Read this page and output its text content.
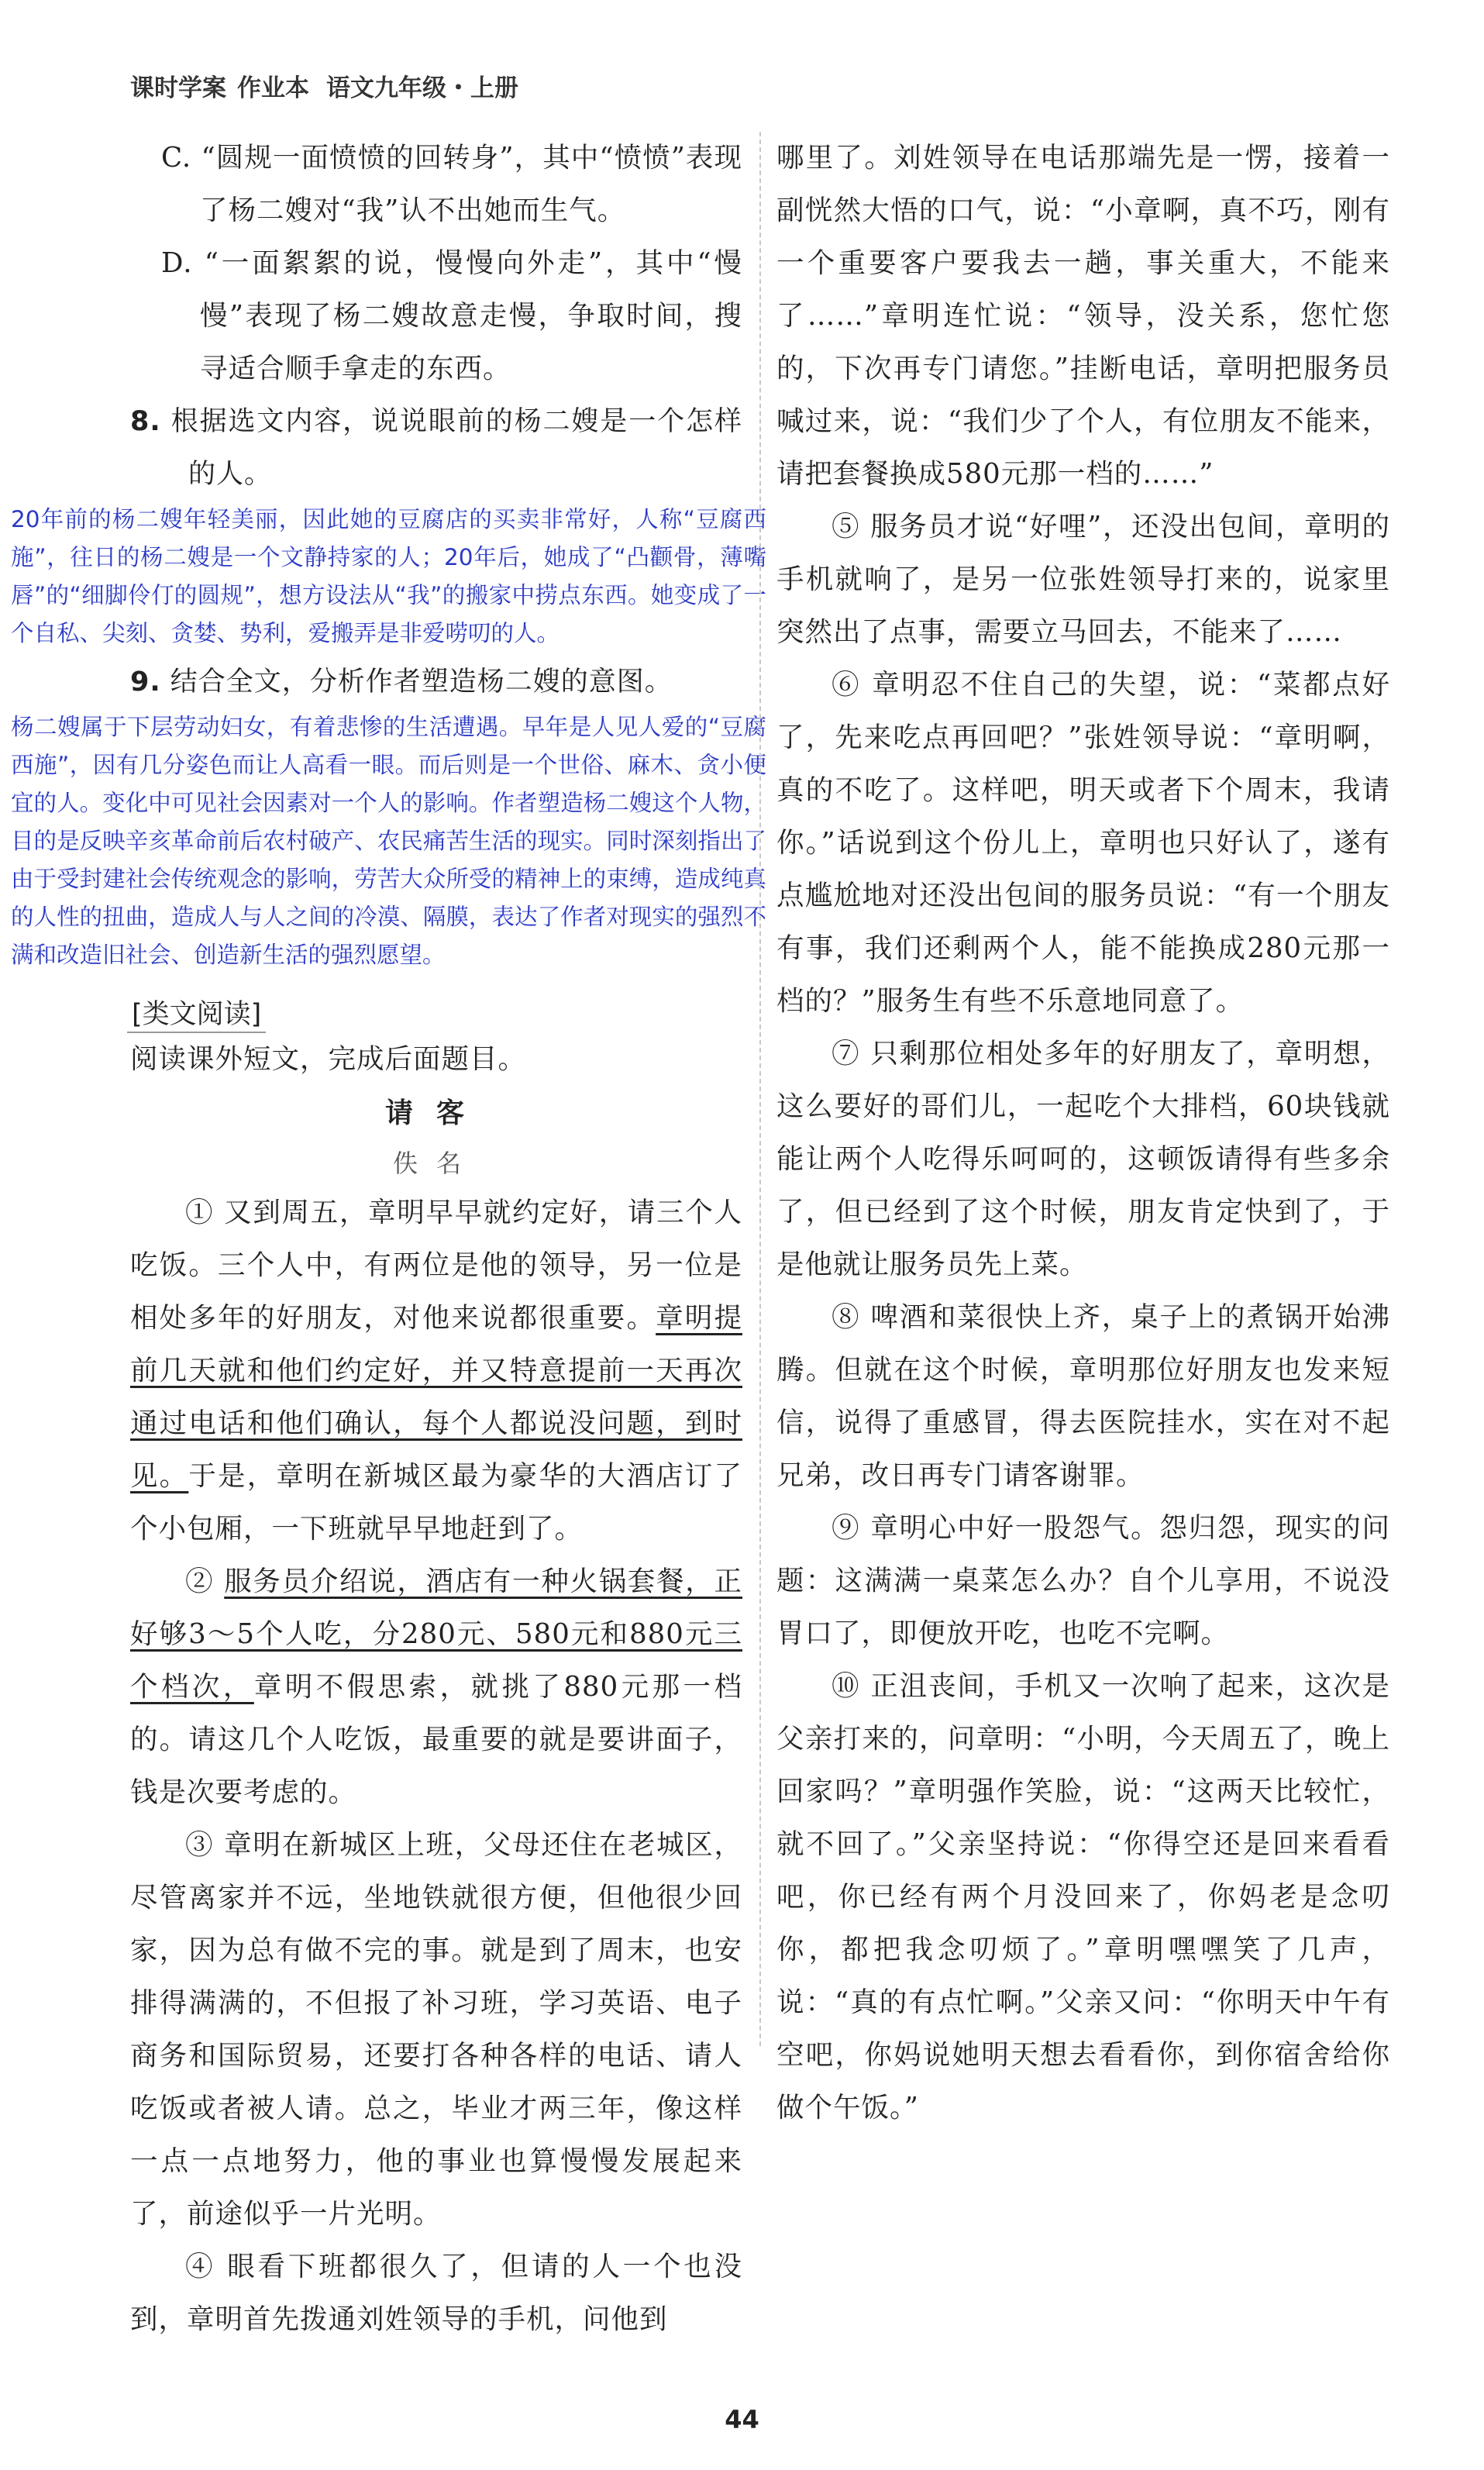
课时学案 作业本 语文九年级・上册

C. “圆规一面愤愤的回转身”，其中“愤愤”表现了杨二嫂对“我”认不出她而生气。

D. “一面絮絮的说，慢慢向外走”，其中“慢慢”表现了杨二嫂故意走慢，争取时间，搜寻适合顺手拿走的东西。

8. 根据选文内容，说说眼前的杨二嫂是一个怎样的人。

20年前的杨二嫂年轻美丽，因此她的豆腐店的买卖非常好，人称“豆腐西施”，往日的杨二嫂是一个文静持家的人；20年后，她成了“凸颧骨，薄嘴唇”的“细脚伶仃的圆规”，想方设法从“我”的搬家中捞点东西。她变成了一个自私、尖刻、贪婪、势利，爱搬弄是非爱唠叨的人。

9. 结合全文，分析作者塑造杨二嫂的意图。

杨二嫂属于下层劳动妇女，有着悲惨的生活遭遇。早年是人见人爱的“豆腐西施”，因有几分姿色而让人高看一眼。而后则是一个世俗、麻木、贪小便宜的人。变化中可见社会因素对一个人的影响。作者塑造杨二嫂这个人物，目的是反映辛亥革命前后农村破产、农民痛苦生活的现实。同时深刻指出了由于受封建社会传统观念的影响，劳苦大众所受的精神上的束缚，造成纯真的人性的扭曲，造成人与人之间的冷漠、隔膜，表达了作者对现实的强烈不满和改造旧社会、创造新生活的强烈愿望。

[类文阅读]

阅读课外短文，完成后面题目。

请客

佚名

① 又到周五，章明早早就约定好，请三个人吃饭。三个人中，有两位是他的领导，另一位是相处多年的好朋友，对他来说都很重要。章明提前几天就和他们约定好，并又特意提前一天再次通过电话和他们确认，每个人都说没问题，到时见。于是，章明在新城区最为豪华的大酒店订了个小包厢，一下班就早早地赶到了。

② 服务员介绍说，酒店有一种火锅套餐，正好够3～5个人吃，分280元、580元和880元三个档次，章明不假思索，就挑了880元那一档的。请这几个人吃饭，最重要的就是要讲面子，钱是次要考虑的。

③ 章明在新城区上班，父母还住在老城区，尽管离家并不远，坐地铁就很方便，但他很少回家，因为总有做不完的事。就是到了周末，也安排得满满的，不但报了补习班，学习英语、电子商务和国际贸易，还要打各种各样的电话、请人吃饭或者被人请。总之，毕业才两三年，像这样一点一点地努力，他的事业也算慢慢发展起来了，前途似乎一片光明。

④ 眼看下班都很久了，但请的人一个也没到，章明首先拨通刘姓领导的手机，问他到

哪里了。刘姓领导在电话那端先是一愣，接着一副恍然大悟的口气，说：“小章啊，真不巧，刚有一个重要客户要我去一趟，事关重大，不能来了……”章明连忙说：“领导，没关系，您忙您的，下次再专门请您。”挂断电话，章明把服务员喊过来，说：“我们少了个人，有位朋友不能来，请把套餐换成580元那一档的……”

⑤ 服务员才说“好哩”，还没出包间，章明的手机就响了，是另一位张姓领导打来的，说家里突然出了点事，需要立马回去，不能来了……

⑥ 章明忍不住自己的失望，说：“菜都点好了，先来吃点再回吧？”张姓领导说：“章明啊，真的不吃了。这样吧，明天或者下个周末，我请你。”话说到这个份儿上，章明也只好认了，遂有点尴尬地对还没出包间的服务员说：“有一个朋友有事，我们还剩两个人，能不能换成280元那一档的？”服务生有些不乐意地同意了。

⑦ 只剩那位相处多年的好朋友了，章明想，这么要好的哥们儿，一起吃个大排档，60块钱就能让两个人吃得乐呵呵的，这顿饭请得有些多余了，但已经到了这个时候，朋友肯定快到了，于是他就让服务员先上菜。

⑧ 啤酒和菜很快上齐，桌子上的煮锅开始沸腾。但就在这个时候，章明那位好朋友也发来短信，说得了重感冒，得去医院挂水，实在对不起兄弟，改日再专门请客谢罪。

⑨ 章明心中好一股怨气。怨归怨，现实的问题：这满满一桌菜怎么办？自个儿享用，不说没胃口了，即便放开吃，也吃不完啊。

⑩ 正沮丧间，手机又一次响了起来，这次是父亲打来的，问章明：“小明，今天周五了，晚上回家吗？”章明强作笑脸，说：“这两天比较忙，就不回了。”父亲坚持说：“你得空还是回来看看吧，你已经有两个月没回来了，你妈老是念叨你，都把我念叨烦了。”章明嘿嘿笑了几声，说：“真的有点忙啊。”父亲又问：“你明天中午有空吧，你妈说她明天想去看看你，到你宿舍给你做个午饭。”

44
